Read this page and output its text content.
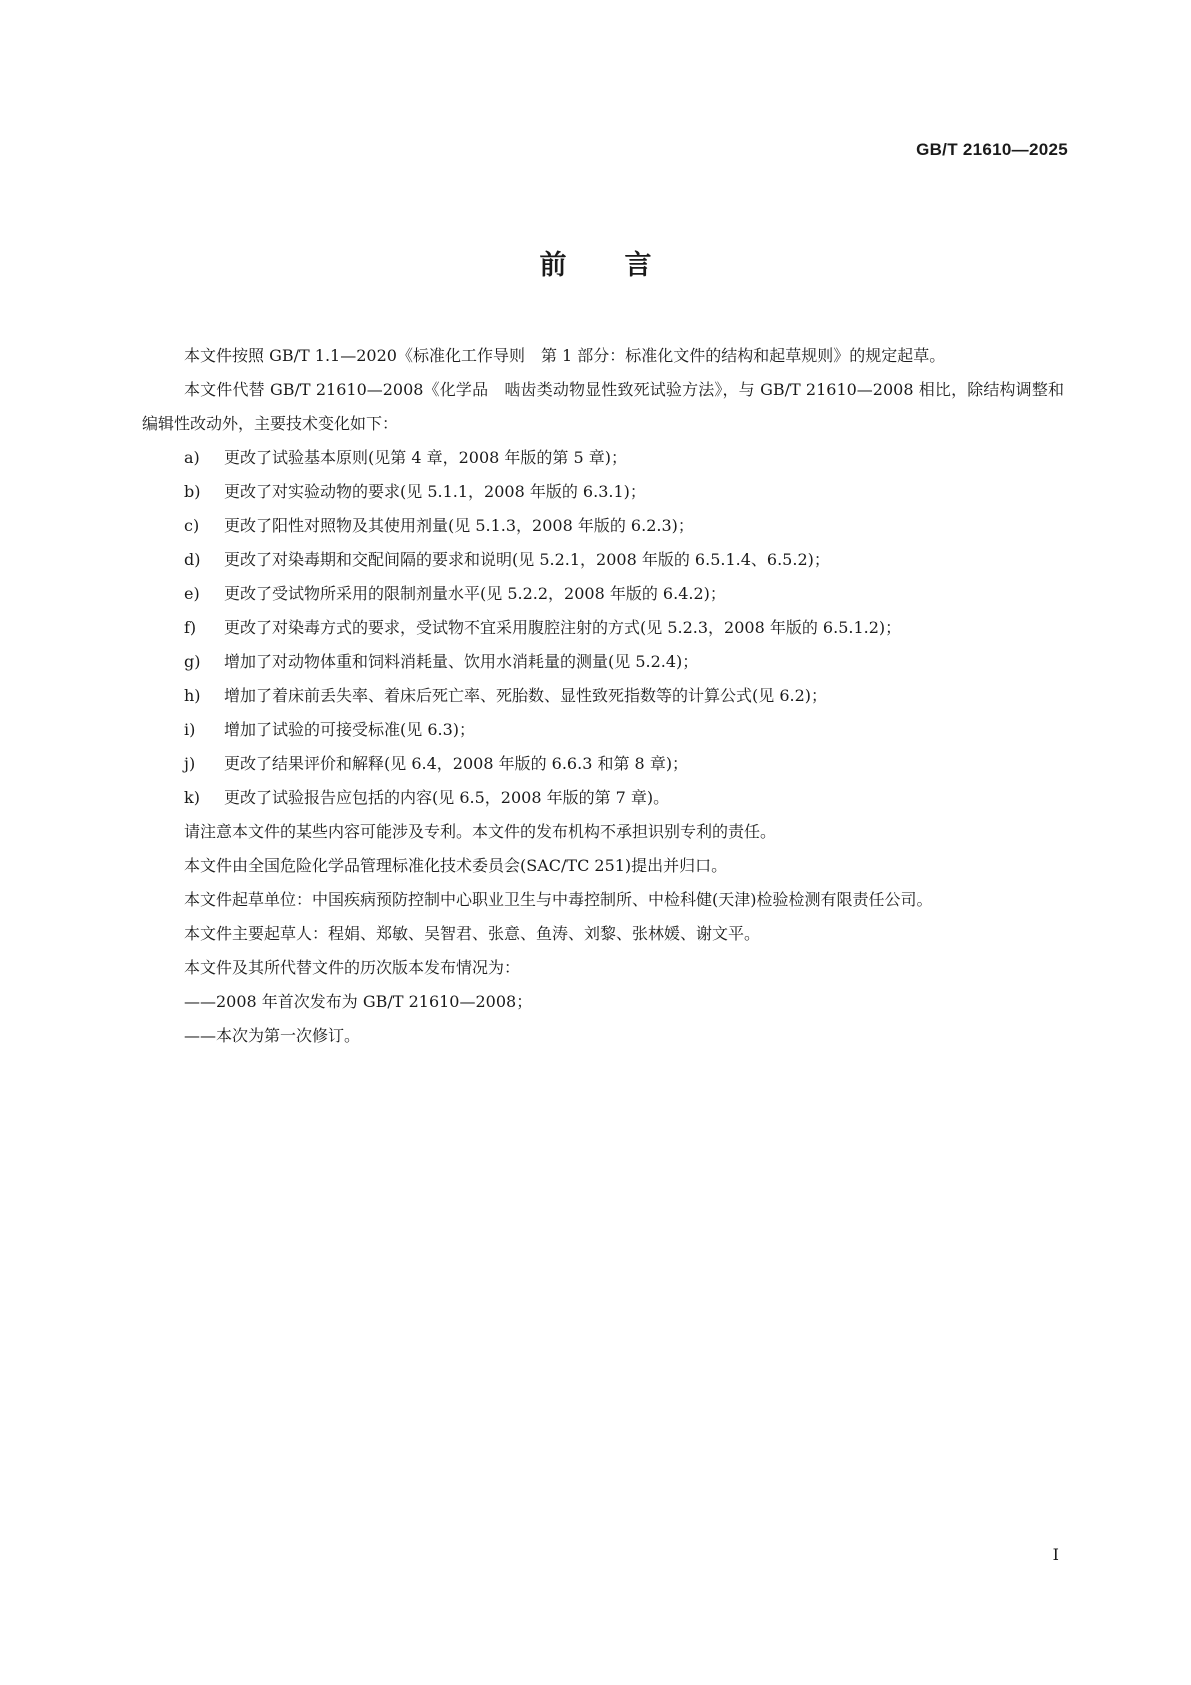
GB/T 21610—2025
前言

本文件按照 GB/T 1.1—2020《标准化工作导则　第 1 部分：标准化文件的结构和起草规则》的规定起草。

本文件代替 GB/T 21610—2008《化学品　啮齿类动物显性致死试验方法》，与 GB/T 21610—2008 相比，除结构调整和编辑性改动外，主要技术变化如下：

a)	更改了试验基本原则(见第 4 章，2008 年版的第 5 章)；

b)	更改了对实验动物的要求(见 5.1.1，2008 年版的 6.3.1)；

c)	更改了阳性对照物及其使用剂量(见 5.1.3，2008 年版的 6.2.3)；

d)	更改了对染毒期和交配间隔的要求和说明(见 5.2.1，2008 年版的 6.5.1.4、6.5.2)；

e)	更改了受试物所采用的限制剂量水平(见 5.2.2，2008 年版的 6.4.2)；

f)	更改了对染毒方式的要求，受试物不宜采用腹腔注射的方式(见 5.2.3，2008 年版的 6.5.1.2)；

g)	增加了对动物体重和饲料消耗量、饮用水消耗量的测量(见 5.2.4)；

h)	增加了着床前丢失率、着床后死亡率、死胎数、显性致死指数等的计算公式(见 6.2)；

i)	增加了试验的可接受标准(见 6.3)；

j)	更改了结果评价和解释(见 6.4，2008 年版的 6.6.3 和第 8 章)；

k)	更改了试验报告应包括的内容(见 6.5，2008 年版的第 7 章)。

请注意本文件的某些内容可能涉及专利。本文件的发布机构不承担识别专利的责任。

本文件由全国危险化学品管理标准化技术委员会(SAC/TC 251)提出并归口。

本文件起草单位：中国疾病预防控制中心职业卫生与中毒控制所、中检科健(天津)检验检测有限责任公司。

本文件主要起草人：程娟、郑敏、吴智君、张意、鱼涛、刘黎、张林媛、谢文平。

本文件及其所代替文件的历次版本发布情况为：

——2008 年首次发布为 GB/T 21610—2008；

——本次为第一次修订。

I
